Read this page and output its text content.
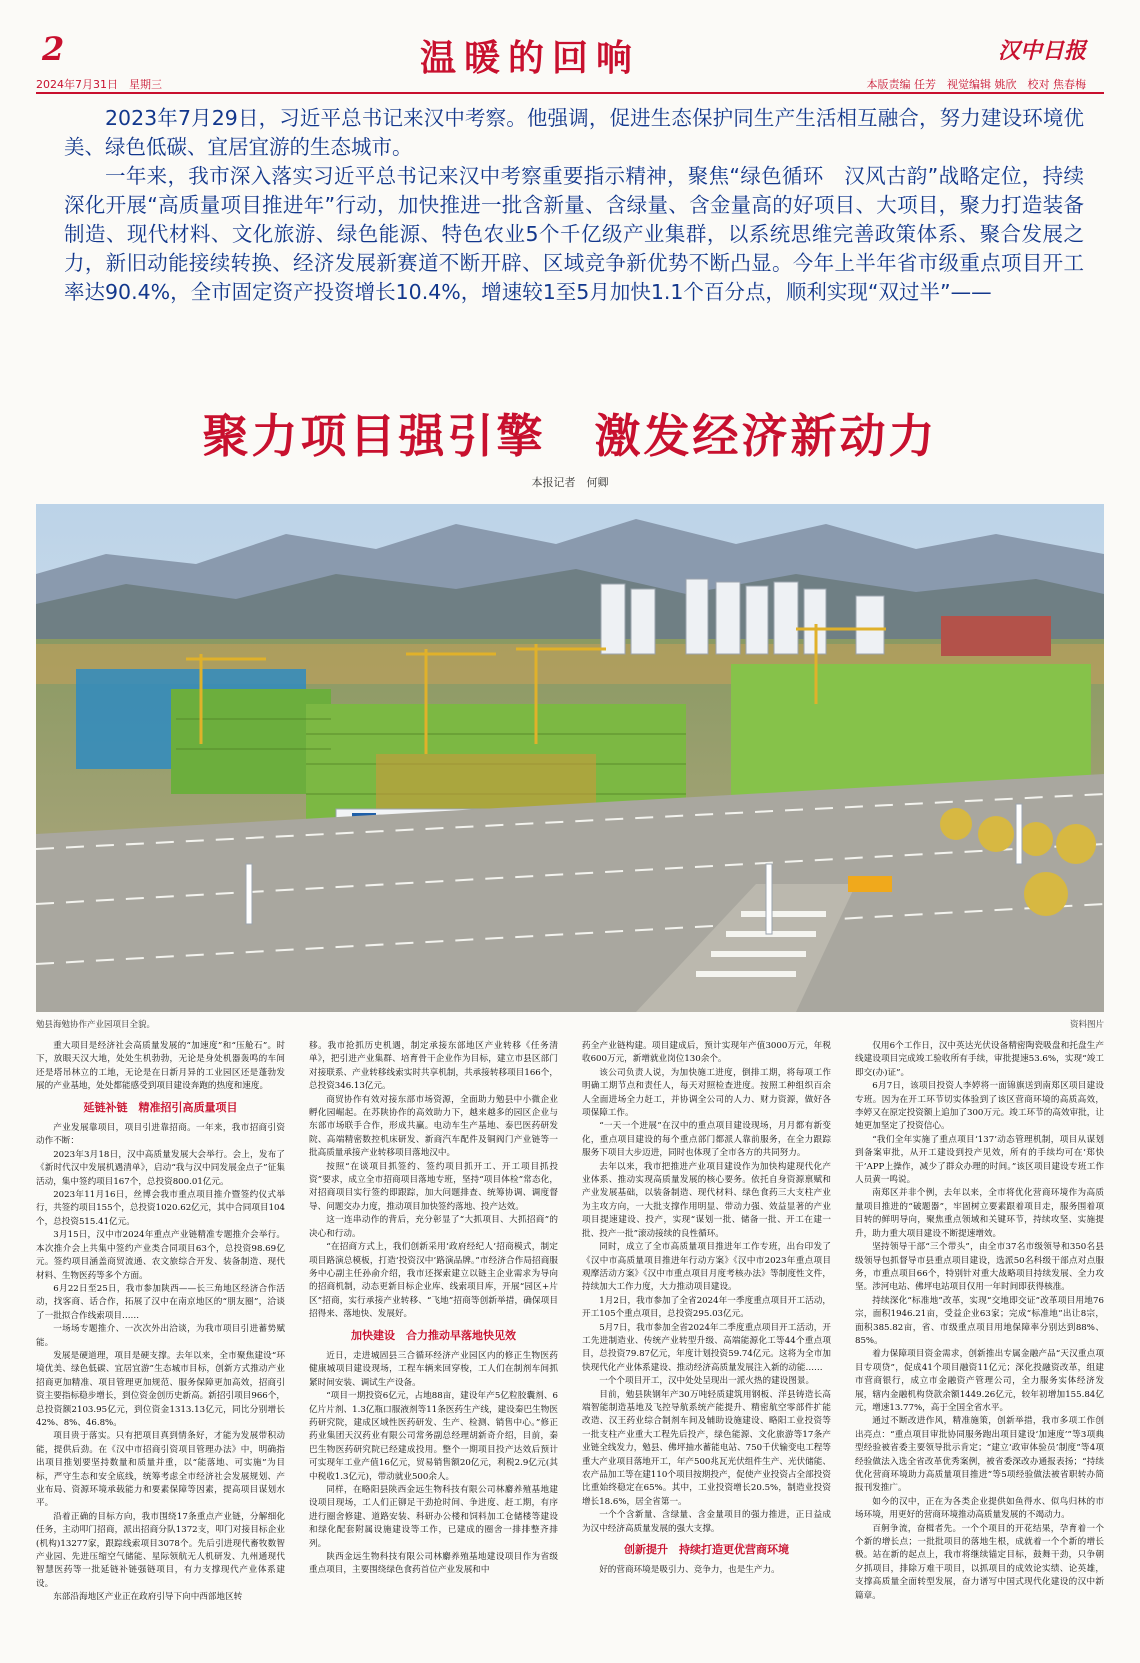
2	温暖的回响	汉中日报
2024年7月31日　星期三	本版责编 任芳　视觉编辑 姚欣　校对 焦春梅

2023年7月29日，习近平总书记来汉中考察。他强调，促进生态保护同生产生活相互融合，努力建设环境优美、绿色低碳、宜居宜游的生态城市。

一年来，我市深入落实习近平总书记来汉中考察重要指示精神，聚焦“绿色循环　汉风古韵”战略定位，持续深化开展“高质量项目推进年”行动，加快推进一批含新量、含绿量、含金量高的好项目、大项目，聚力打造装备制造、现代材料、文化旅游、绿色能源、特色农业5个千亿级产业集群，以系统思维完善政策体系、聚合发展之力，新旧动能接续转换、经济发展新赛道不断开辟、区域竞争新优势不断凸显。今年上半年省市级重点项目开工率达90.4%，全市固定资产投资增长10.4%，增速较1至5月加快1.1个百分点，顺利实现“双过半”——

聚力项目强引擎　激发经济新动力
本报记者　何卿
勉县海勉协作产业园项目全貌。	资料图片

重大项目是经济社会高质量发展的“加速度”和“压舱石”。时下，放眼天汉大地，处处生机勃勃，无论是身处机器轰鸣的车间还是塔吊林立的工地，无论是在日新月异的工业园区还是蓬勃发展的产业基地，处处都能感受到项目建设奔跑的热度和速度。

延链补链　精准招引高质量项目

产业发展靠项目，项目引进靠招商。一年来，我市招商引资动作不断：

2023年3月18日，汉中高质量发展大会举行。会上，发布了《新时代汉中发展机遇清单》，启动“我与汉中同发展金点子”征集活动，集中签约项目167个，总投资800.01亿元。

2023年11月16日，丝博会我市重点项目推介暨签约仪式举行，共签约项目155个，总投资1020.62亿元，其中合同项目104个，总投资515.41亿元。

3月15日，汉中市2024年重点产业链精准专题推介会举行。本次推介会上共集中签约产业类合同项目63个，总投资98.69亿元。签约项目涵盖商贸流通、农文旅综合开发、装备制造、现代材料、生物医药等多个方面。

6月22日至25日，我市参加陕西——长三角地区经济合作活动，找客商、话合作，拓展了汉中在南京地区的“朋友圈”，洽谈了一批拟合作线索项目……

一场场专题推介、一次次外出洽谈，为我市项目引进蓄势赋能。

发展是硬道理，项目是硬支撑。去年以来，全市聚焦建设“环境优美、绿色低碳、宜居宜游”生态城市目标，创新方式推动产业招商更加精准、项目管理更加规范、服务保障更加高效，招商引资主要指标稳步增长，到位资金创历史新高。新招引项目966个，总投资额2103.95亿元，到位资金1313.13亿元，同比分别增长42%、8%、46.8%。

项目贵于落实。只有把项目真到情条好，才能为发展带积动能，提供后劲。在《汉中市招商引资项目管理办法》中，明确指出项目推划要坚持数量和质量并重，以“能落地、可实施”为目标，严守生态和安全底线，统筹考虑全市经济社会发展规划、产业布局、资源环境承载能力和要素保障等因素，提高项目谋划水平。

沿着正确的目标方向，我市围绕17条重点产业链，分解细化任务，主动叩门招商，派出招商分队1372支，叩门对接目标企业(机构)13277家，跟踪线索项目3078个。先后引进现代畜牧数智产业园、先进压缩空气储能、星际领航无人机研发、九州通现代智慧医药等一批延链补链强链项目，有力支撑现代产业体系建设。

东部沿海地区产业正在政府引导下向中西部地区转

移。我市抢抓历史机遇，制定承接东部地区产业转移《任务清单》，把引进产业集群、培育骨干企业作为目标，建立市县区部门对接联系、产业转移线索实时共享机制，共承接转移项目166个，总投资346.13亿元。

商贸协作有效对接东部市场资源，全面助力勉县中小微企业孵化园崛起。在苏陕协作的高效助力下，越来越多的园区企业与东部市场联手合作，形成共赢。电动车生产基地、泰巴医药研发院、高端精密数控机床研发、新商汽车配件及铜阀门产业链等一批高质量承接产业转移项目落地汉中。

按照“在谈项目抓签约、签约项目抓开工、开工项目抓投资”要求，成立全市招商项目落地专班，坚持“项目体检”常态化，对招商项目实行签约即跟踪，加大问题排查、统筹协调、调度督导、问题交办力度，推动项目加快签约落地、投产达效。

这一连串动作的背后，充分彰显了“大抓项目、大抓招商”的决心和行动。

“在招商方式上，我们创新采用‘政府经纪人’招商模式，制定项目路演总模板，打造‘投资汉中’路演品牌。”市经济合作局招商服务中心副主任孙俞介绍，我市还探索建立以链主企业需求为导向的招商机制，动态更新目标企业库、线索项目库，开展“园区+片区”招商，实行承接产业转移、“飞地”招商等创新举措，确保项目招得来、落地快、发展好。

加快建设　合力推动早落地快见效

近日，走进城固县三合循环经济产业园区内的修正生物医药健康城项目建设现场，工程车辆来回穿梭，工人们在制剂车间抓紧时间安装、调试生产设备。

“项目一期投资6亿元，占地88亩，建设年产5亿粒胶囊剂、6亿片片剂、1.3亿瓶口服液剂等11条医药生产线，建设秦巴生物医药研究院，建成区域性医药研发、生产、检测、销售中心。”修正药业集团天汉药业有限公司常务副总经理胡新奇介绍，目前，秦巴生物医药研究院已经建成投用。整个一期项目投产达效后预计可实现年工业产值16亿元，贸易销售额20亿元，利税2.9亿元(其中税收1.3亿元)，带动就业500余人。

同样，在略阳县陕西金远生物科技有限公司林麝养殖基地建设项目现场，工人们正铆足干劲抢时间、争进度、赶工期，有序进行圈舍修建、道路安装、科研办公楼和饲料加工仓储楼等建设和绿化配套附属设施建设等工作，已建成的圈舍一排排整齐排列。

陕西金远生物科技有限公司林麝养殖基地建设项目作为省级重点项目，主要围绕绿色食药首位产业发展和中

药全产业链构建。项目建成后，预计实现年产值3000万元，年税收600万元，新增就业岗位130余个。

该公司负责人说，为加快施工进度，倒排工期，将每项工作明确工期节点和责任人，每天对照检查进度。按照工种组织百余人全面进场全力赶工，并协调全公司的人力、财力资源，做好各项保障工作。

“一天一个进展”在汉中的重点项目建设现场，月月都有新变化，重点项目建设的每个重点部门都派人靠前服务，在全力跟踪服务下项目大步迈进，同时也体现了全市各方的共同努力。

去年以来，我市把推进产业项目建设作为加快构建现代化产业体系、推动实现高质量发展的核心要务。依托自身资源禀赋和产业发展基础，以装备制造、现代材料、绿色食药三大支柱产业为主攻方向，一大批支撑作用明显、带动力强、效益显著的产业项目提速建设、投产，实现“谋划一批、储备一批、开工在建一批、投产一批”滚动接续的良性循环。

同时，成立了全市高质量项目推进年工作专班，出台印发了《汉中市高质量项目推进年行动方案》《汉中市2023年重点项目观摩活动方案》《汉中市重点项目月度考核办法》等制度性文件，持续加大工作力度，大力推动项目建设。

1月2日，我市参加了全省2024年一季度重点项目开工活动，开工105个重点项目，总投资295.03亿元。

5月7日，我市参加全省2024年二季度重点项目开工活动，开工先进制造业、传统产业转型升级、高端能源化工等44个重点项目，总投资79.87亿元，年度计划投资59.74亿元。这将为全市加快现代化产业体系建设、推动经济高质量发展注入新的动能……

一个个项目开工，汉中处处呈现出一派火热的建设图景。

目前，勉县陕钢年产30万吨轻质建筑用钢板、洋县铸造长高端智能制造基地及飞控导航系统产能提升、精密航空零部件扩能改造、汉王药业综合制剂车间及辅助设施建设、略阳工业投资等一批支柱产业重大工程先后投产，绿色能源、文化旅游等17条产业链全线发力，勉县、佛坪抽水蓄能电站、750千伏输变电工程等重大产业项目落地开工，年产500兆瓦光伏组件生产、光伏储能、农产品加工等在建110个项目按期投产，促使产业投资占全部投资比重始终稳定在65%。其中，工业投资增长20.5%，制造业投资增长18.6%，居全省第一。

一个个含新量、含绿量、含金量项目的强力推进，正日益成为汉中经济高质量发展的强大支撑。

创新提升　持续打造更优营商环境

好的营商环境是吸引力、竞争力，也是生产力。

仅用6个工作日，汉中英达光伏设备精密陶瓷吸盘和托盘生产线建设项目完成竣工验收所有手续，审批提速53.6%，实现“竣工即交(办)证”。

6月7日，该项目投资人李婷将一面锦旗送到南郑区项目建设专班。因为在开工环节切实体验到了该区营商环境的高质高效，李婷又在原定投资额上追加了300万元。竣工环节的高效审批，让她更加坚定了投资信心。

“我们全年实施了重点项目‘137’动态管理机制，项目从谋划到备案审批，从开工建设到投产见效，所有的手续均可在‘郑快干’APP上操作，减少了群众办理的时间。”该区项目建设专班工作人员黄一鸣说。

南郑区并非个例，去年以来，全市将优化营商环境作为高质量项目推进的“破题器”，牢固树立要素跟着项目走，服务围着项目转的鲜明导向，聚焦重点领域和关键环节，持续攻坚、实施提升，助力重大项目建设不断提速增效。

坚持领导干部“三个带头”，由全市37名市级领导和350名县级领导包抓督导市县重点项目建设，选派50名科级干部点对点服务，市重点项目66个，特别针对重大战略项目持续发展、全力攻坚。涉河电站、佛坪电站项目仅用一年时间即获得核准。

持续深化“标准地”改革，实现“交地即交证”改革项目用地76宗，面积1946.21亩，受益企业63家；完成“标准地”出让8宗，面积385.82亩，省、市级重点项目用地保障率分别达到88%、85%。

着力保障项目资金需求，创新推出专属金融产品“天汉重点项目专项贷”，促成41个项目融资11亿元；深化投融资改革，组建市营商银行，成立市金融资产管理公司，全力服务实体经济发展，辖内金融机构贷款余额1449.26亿元，较年初增加155.84亿元，增速13.77%，高于全国全省水平。

通过不断改进作风，精准施策，创新举措，我市多项工作创出亮点：“重点项目审批协同服务跑出项目建设‘加速度’”等3项典型经验被省委主要领导批示肯定；“建立‘政审体验员’制度”等4项经验做法入选全省改革优秀案例，被省委深改办通报表扬；“持续优化营商环境助力高质量项目推进”等5项经验做法被省职转办简报刊发推广。

如今的汉中，正在为各类企业提供如鱼得水、似鸟归林的市场环境，用更好的营商环境推动高质量发展的不竭动力。

百舸争流，奋楫者先。一个个项目的开花结果，孕育着一个个新的增长点；一批批项目的落地生根，成就着一个个新的增长极。站在新的起点上，我市将继续锚定目标，鼓舞干劲，只争朝夕抓项目，排除万难干项目，以抓项目的成效论实绩、论英雄，支撑高质量全面转型发展，奋力谱写中国式现代化建设的汉中新篇章。
